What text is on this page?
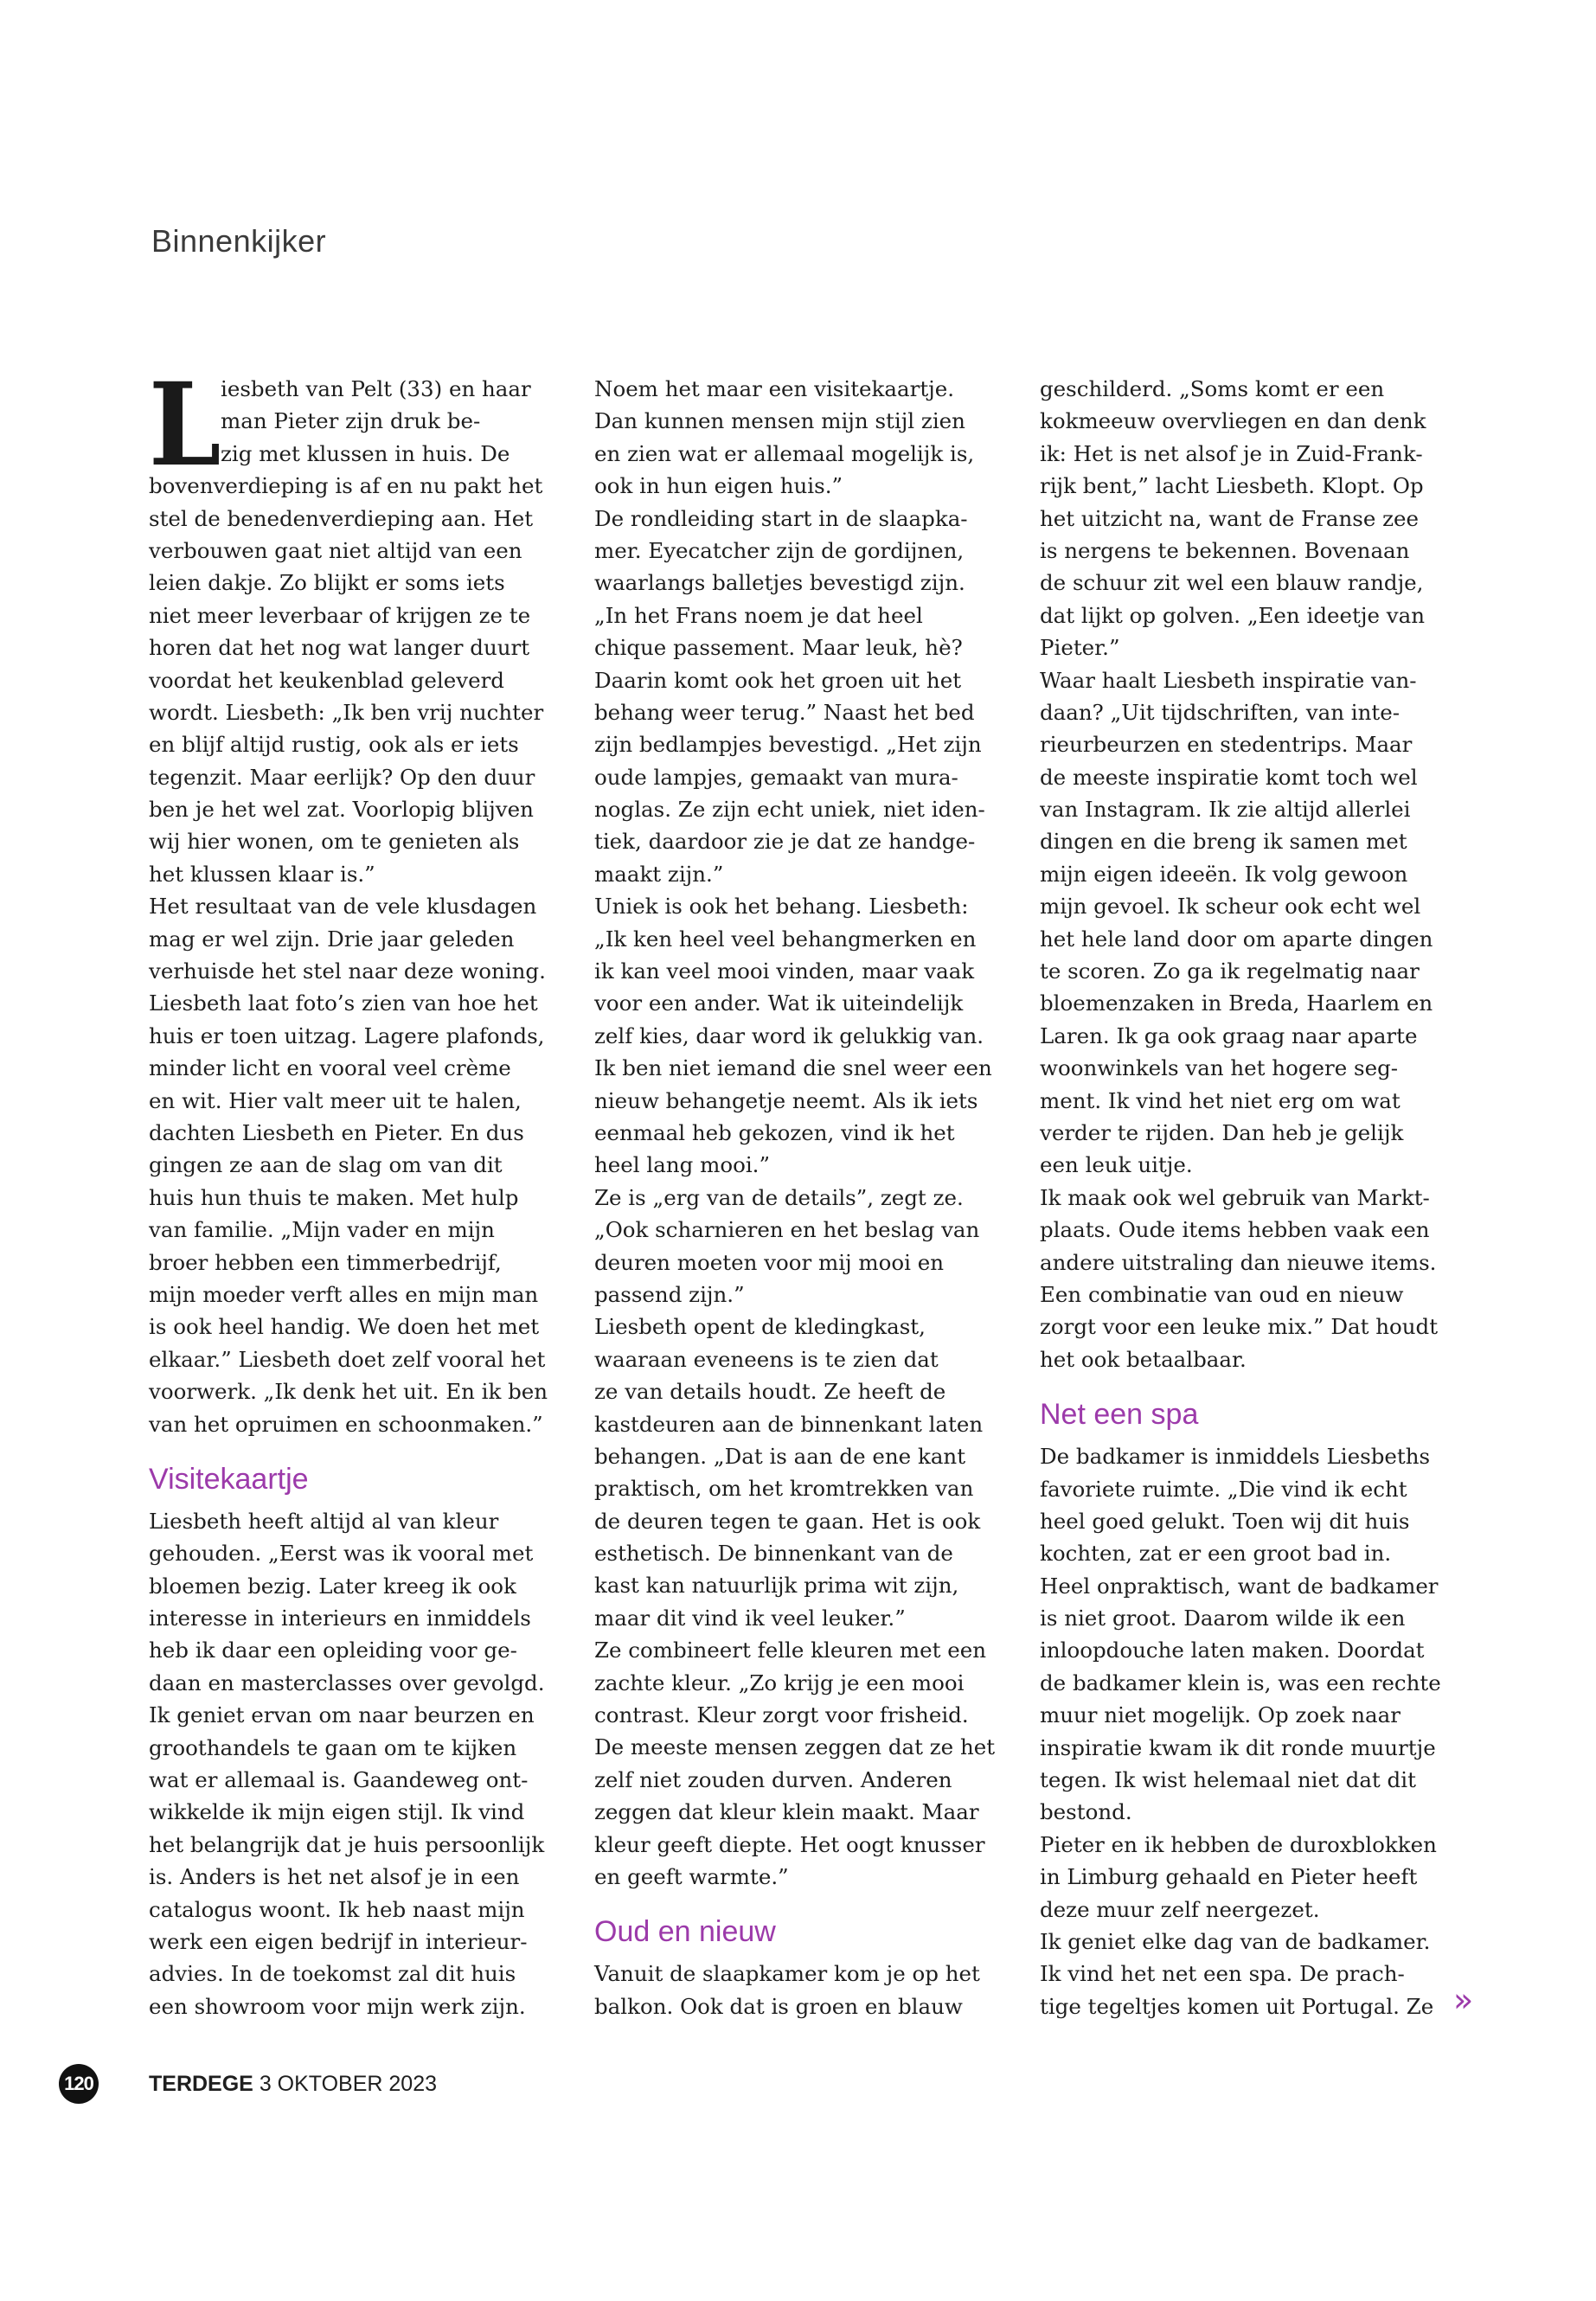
Binnenkijker
L iesbeth van Pelt (33) en haar
man Pieter zijn druk be-
zig met klussen in huis. De
bovenverdieping is af en nu pakt het
stel de benedenverdieping aan. Het
verbouwen gaat niet altijd van een
leien dakje. Zo blijkt er soms iets
niet meer leverbaar of krijgen ze te
horen dat het nog wat langer duurt
voordat het keukenblad geleverd
wordt. Liesbeth: „Ik ben vrij nuchter
en blijf altijd rustig, ook als er iets
tegenzit. Maar eerlijk? Op den duur
ben je het wel zat. Voorlopig blijven
wij hier wonen, om te genieten als
het klussen klaar is.”
Het resultaat van de vele klusdagen
mag er wel zijn. Drie jaar geleden
verhuisde het stel naar deze woning.
Liesbeth laat foto’s zien van hoe het
huis er toen uitzag. Lagere plafonds,
minder licht en vooral veel crème
en wit. Hier valt meer uit te halen,
dachten Liesbeth en Pieter. En dus
gingen ze aan de slag om van dit
huis hun thuis te maken. Met hulp
van familie. „Mijn vader en mijn
broer hebben een timmerbedrijf,
mijn moeder verft alles en mijn man
is ook heel handig. We doen het met
elkaar.” Liesbeth doet zelf vooral het
voorwerk. „Ik denk het uit. En ik ben
van het opruimen en schoonmaken.”
Visitekaartje
Liesbeth heeft altijd al van kleur
gehouden. „Eerst was ik vooral met
bloemen bezig. Later kreeg ik ook
interesse in interieurs en inmiddels
heb ik daar een opleiding voor ge-
daan en masterclasses over gevolgd.
Ik geniet ervan om naar beurzen en
groothandels te gaan om te kijken
wat er allemaal is. Gaandeweg ont-
wikkelde ik mijn eigen stijl. Ik vind
het belangrijk dat je huis persoonlijk
is. Anders is het net alsof je in een
catalogus woont. Ik heb naast mijn
werk een eigen bedrijf in interieur-
advies. In de toekomst zal dit huis
een showroom voor mijn werk zijn.
Noem het maar een visitekaartje.
Dan kunnen mensen mijn stijl zien
en zien wat er allemaal mogelijk is,
ook in hun eigen huis.”
De rondleiding start in de slaapka-
mer. Eyecatcher zijn de gordijnen,
waarlangs balletjes bevestigd zijn.
„In het Frans noem je dat heel
chique passement. Maar leuk, hè?
Daarin komt ook het groen uit het
behang weer terug.” Naast het bed
zijn bedlampjes bevestigd. „Het zijn
oude lampjes, gemaakt van mura-
noglas. Ze zijn echt uniek, niet iden-
tiek, daardoor zie je dat ze handge-
maakt zijn.”
Uniek is ook het behang. Liesbeth:
„Ik ken heel veel behangmerken en
ik kan veel mooi vinden, maar vaak
voor een ander. Wat ik uiteindelijk
zelf kies, daar word ik gelukkig van.
Ik ben niet iemand die snel weer een
nieuw behangetje neemt. Als ik iets
eenmaal heb gekozen, vind ik het
heel lang mooi.”
Ze is „erg van de details”, zegt ze.
„Ook scharnieren en het beslag van
deuren moeten voor mij mooi en
passend zijn.”
Liesbeth opent de kledingkast,
waaraan eveneens is te zien dat
ze van details houdt. Ze heeft de
kastdeuren aan de binnenkant laten
behangen. „Dat is aan de ene kant
praktisch, om het kromtrekken van
de deuren tegen te gaan. Het is ook
esthetisch. De binnenkant van de
kast kan natuurlijk prima wit zijn,
maar dit vind ik veel leuker.”
Ze combineert felle kleuren met een
zachte kleur. „Zo krijg je een mooi
contrast. Kleur zorgt voor frisheid.
De meeste mensen zeggen dat ze het
zelf niet zouden durven. Anderen
zeggen dat kleur klein maakt. Maar
kleur geeft diepte. Het oogt knusser
en geeft warmte.”
Oud en nieuw
Vanuit de slaapkamer kom je op het
balkon. Ook dat is groen en blauw
geschilderd. „Soms komt er een
kokmeeuw overvliegen en dan denk
ik: Het is net alsof je in Zuid-Frank-
rijk bent,” lacht Liesbeth. Klopt. Op
het uitzicht na, want de Franse zee
is nergens te bekennen. Bovenaan
de schuur zit wel een blauw randje,
dat lijkt op golven. „Een ideetje van
Pieter.”
Waar haalt Liesbeth inspiratie van-
daan? „Uit tijdschriften, van inte-
rieurbeurzen en stedentrips. Maar
de meeste inspiratie komt toch wel
van Instagram. Ik zie altijd allerlei
dingen en die breng ik samen met
mijn eigen ideeën. Ik volg gewoon
mijn gevoel. Ik scheur ook echt wel
het hele land door om aparte dingen
te scoren. Zo ga ik regelmatig naar
bloemenzaken in Breda, Haarlem en
Laren. Ik ga ook graag naar aparte
woonwinkels van het hogere seg-
ment. Ik vind het niet erg om wat
verder te rijden. Dan heb je gelijk
een leuk uitje.
Ik maak ook wel gebruik van Markt-
plaats. Oude items hebben vaak een
andere uitstraling dan nieuwe items.
Een combinatie van oud en nieuw
zorgt voor een leuke mix.” Dat houdt
het ook betaalbaar.
Net een spa
De badkamer is inmiddels Liesbeths
favoriete ruimte. „Die vind ik echt
heel goed gelukt. Toen wij dit huis
kochten, zat er een groot bad in.
Heel onpraktisch, want de badkamer
is niet groot. Daarom wilde ik een
inloopdouche laten maken. Doordat
de badkamer klein is, was een rechte
muur niet mogelijk. Op zoek naar
inspiratie kwam ik dit ronde muurtje
tegen. Ik wist helemaal niet dat dit
bestond.
Pieter en ik hebben de duroxblokken
in Limburg gehaald en Pieter heeft
deze muur zelf neergezet.
Ik geniet elke dag van de badkamer.
Ik vind het net een spa. De prach-
tige tegeltjes komen uit Portugal. Ze »
120	TERDEGE 3 OKTOBER 2023
